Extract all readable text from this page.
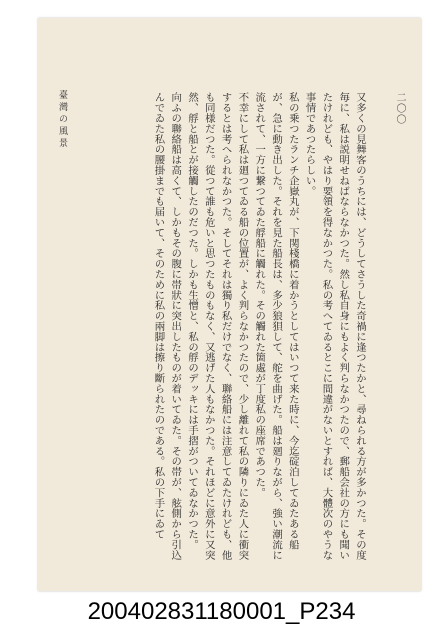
二〇〇
臺灣の風景	又多くの見舞客のうちには、どうしてさうした奇禍に逢つたかと、尋ねられる方が多かつた。その度毎に、私は説明せねばならなかつた。然し私自身にもよく判らなかつたので、郵船会社の方にも聞いたけれども、やはり要領を得なかつた。私の考へてゐるとこに間違がないとすれば、大體次のやうな事情であつたらしい。

私の乗つたランチ企嶽丸が、下関棧橋に着かうとしてはいつて来た時に、今迄碇泊してゐたある船が、急に動き出した。それを見た船長は、多少狼狽して、舵を曲げた。船は廻りながら、強い潮流に流されて、一方に繋つてゐた艀船に觸れた。その觸れた箇處が丁度私の座席であつた。

不幸にして私は廻つてゐる船の位置が、よく判らなかつたので、少し離れて私の隣りにゐた人に衝突するとは考へられなかつた。そしてそれは獨り私だけでなく、聯絡船には注意してゐたけれども、他も同様だつた。從つて誰も危いと思つたものもなく、又逃げた人もなかつた。それほどに意外に又突然、艀と船とが接觸したのだつた。しかも生憎と、私の艀のデッキには手摺がついてゐなかつた。

向ふの聯絡船は高くて、しかもその腹に帯狀に突出したものが着いてゐた。その帯が、舷側から引込んでゐた私の腰掛までも届いて、そのために私の兩脚は擦り斷られたのである。私の下手にゐて

200402831180001_P234
